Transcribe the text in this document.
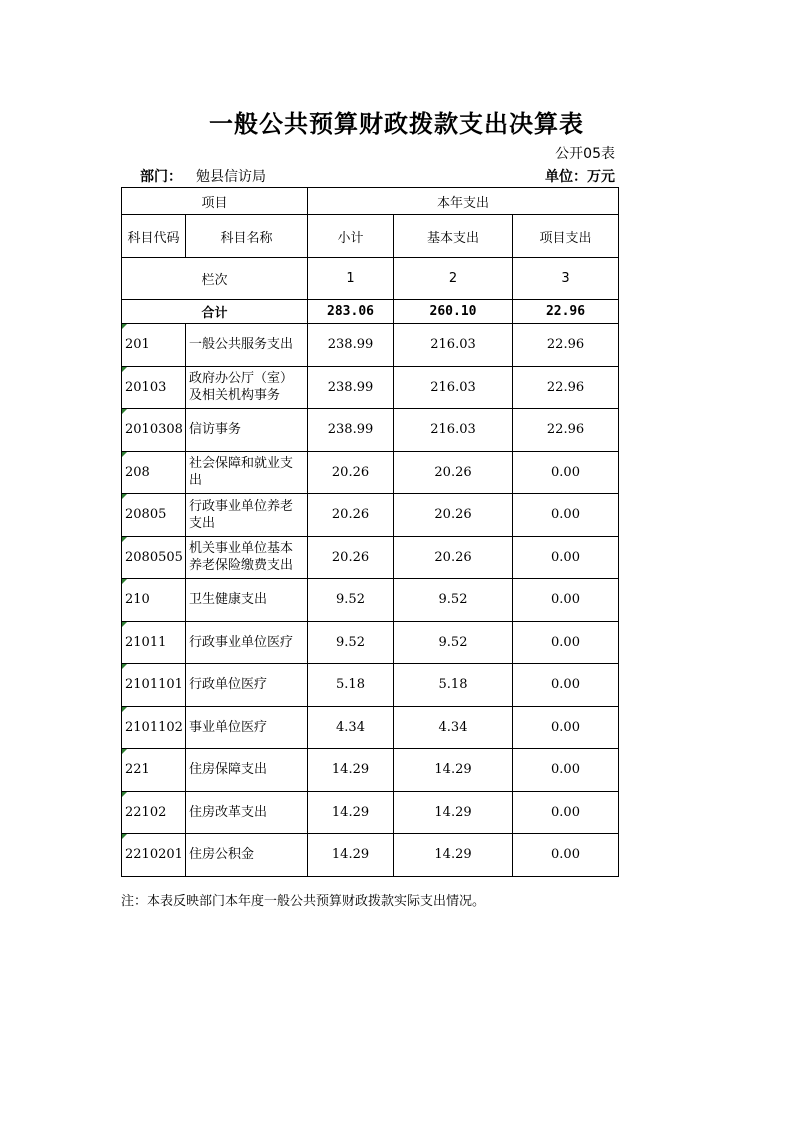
一般公共预算财政拨款支出决算表
公开05表
部门： 勉县信访局	单位：万元
项目		本年支出		
科目代码	科目名称	小计	基本支出	项目支出
栏次		1	2	3
合计		283.06	260.10	22.96
201	一般公共服务支出	238.99	216.03	22.96
20103	政府办公厅（室）及相关机构事务	238.99	216.03	22.96
2010308	信访事务	238.99	216.03	22.96
208	社会保障和就业支出	20.26	20.26	0.00
20805	行政事业单位养老支出	20.26	20.26	0.00
2080505	机关事业单位基本养老保险缴费支出	20.26	20.26	0.00
210	卫生健康支出	9.52	9.52	0.00
21011	行政事业单位医疗	9.52	9.52	0.00
2101101	行政单位医疗	5.18	5.18	0.00
2101102	事业单位医疗	4.34	4.34	0.00
221	住房保障支出	14.29	14.29	0.00
22102	住房改革支出	14.29	14.29	0.00
2210201	住房公积金	14.29	14.29	0.00
注：本表反映部门本年度一般公共预算财政拨款实际支出情况。
